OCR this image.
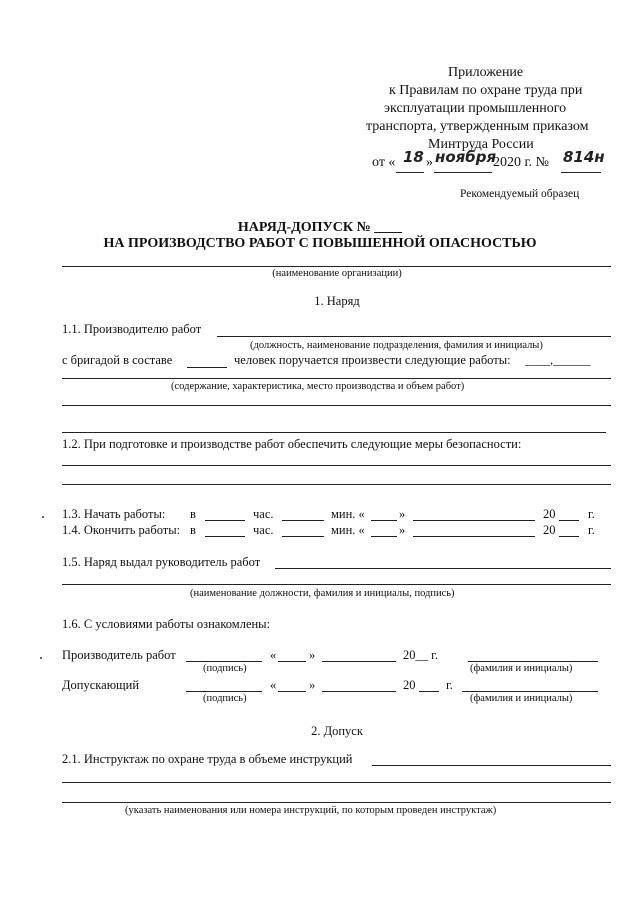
Приложение
к Правилам по охране труда при
эксплуатации промышленного
транспорта, утвержденным приказом
Минтруда России
от « 18 » ноября
2020 г. № 814н
Рекомендуемый образец
НАРЯД-ДОПУСК № ____
НА ПРОИЗВОДСТВО РАБОТ С ПОВЫШЕННОЙ ОПАСНОСТЬЮ
(наименование организации)
1. Наряд
1.1. Производителю работ
(должность, наименование подразделения, фамилия и инициалы)
с бригадой в составе	человек поручается произвести следующие работы: ____,______
(содержание, характеристика, место производства и объем работ)
1.2. При подготовке и производстве работ обеспечить следующие меры безопасности:
1.3. Начать работы: в	час.	мин. «	»	20	г.
1.4. Окончить работы: в	час.	мин. «	»	20	г.
1.5. Наряд выдал руководитель работ
(наименование должности, фамилия и инициалы, подпись)
1.6. С условиями работы ознакомлены:
Производитель работ	«	»	20__ г.
(подпись)	(фамилия и инициалы)
Допускающий	«	»	20 г.
(подпись)	(фамилия и инициалы)
2. Допуск
2.1. Инструктаж по охране труда в объеме инструкций
(указать наименования или номера инструкций, по которым проведен инструктаж)
